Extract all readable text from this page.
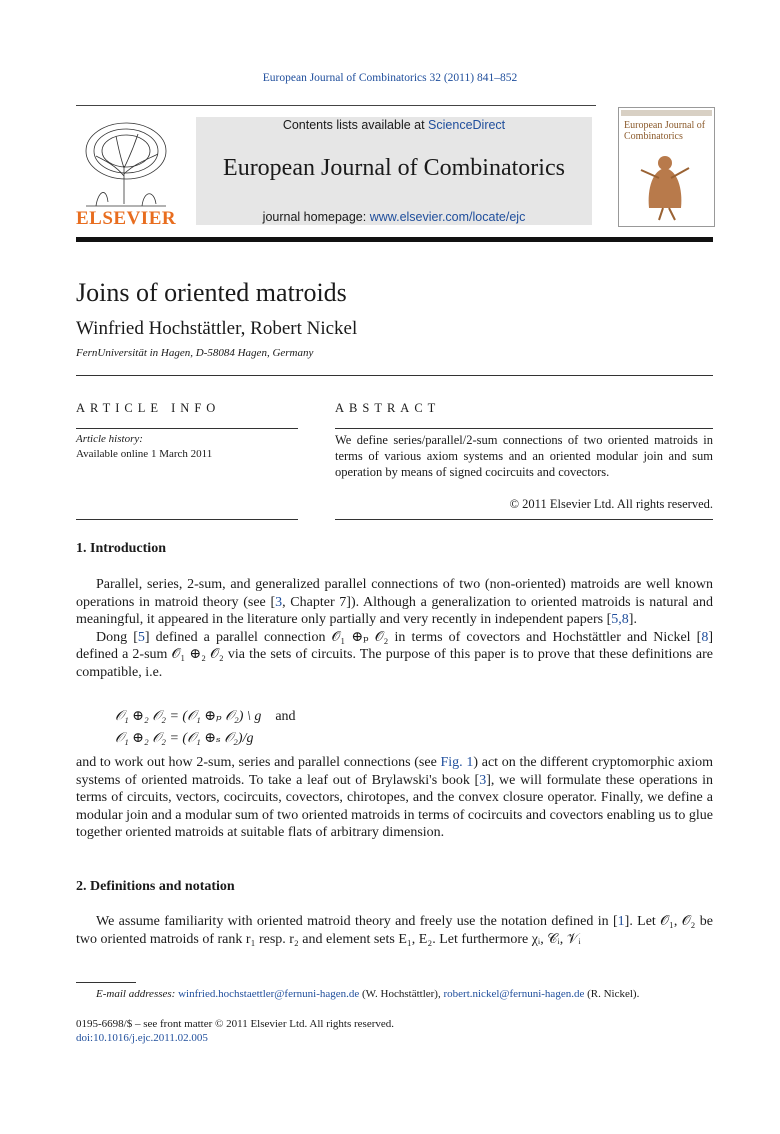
European Journal of Combinatorics 32 (2011) 841–852
ELSEVIER
Contents lists available at ScienceDirect
European Journal of Combinatorics
journal homepage: www.elsevier.com/locate/ejc
European Journal of Combinatorics
Joins of oriented matroids
Winfried Hochstättler, Robert Nickel
FernUniversität in Hagen, D-58084 Hagen, Germany
ARTICLE INFO	ABSTRACT
Article history:
Available online 1 March 2011
We define series/parallel/2-sum connections of two oriented matroids in terms of various axiom systems and an oriented modular join and sum operation by means of signed cocircuits and covectors.
© 2011 Elsevier Ltd. All rights reserved.
1. Introduction

Parallel, series, 2-sum, and generalized parallel connections of two (non-oriented) matroids are well known operations in matroid theory (see [3, Chapter 7]). Although a generalization to oriented matroids is natural and meaningful, it appeared in the literature only partially and very recently in independent papers [5,8].

Dong [5] defined a parallel connection 𝒪₁ ⊕ₚ 𝒪₂ in terms of covectors and Hochstättler and Nickel [8] defined a 2-sum 𝒪₁ ⊕₂ 𝒪₂ via the sets of circuits. The purpose of this paper is to prove that these definitions are compatible, i.e.

𝒪₁ ⊕₂ 𝒪₂ = (𝒪₁ ⊕ₚ 𝒪₂) \ g and
𝒪₁ ⊕₂ 𝒪₂ = (𝒪₁ ⊕ₛ 𝒪₂)/g

and to work out how 2-sum, series and parallel connections (see Fig. 1) act on the different cryptomorphic axiom systems of oriented matroids. To take a leaf out of Brylawski's book [3], we will formulate these operations in terms of circuits, vectors, cocircuits, covectors, chirotopes, and the convex closure operator. Finally, we define a modular join and a modular sum of two oriented matroids in terms of cocircuits and covectors enabling us to glue together oriented matroids at suitable flats of arbitrary dimension.

2. Definitions and notation

We assume familiarity with oriented matroid theory and freely use the notation defined in [1]. Let 𝒪₁, 𝒪₂ be two oriented matroids of rank r₁ resp. r₂ and element sets E₁, E₂. Let furthermore χᵢ, 𝒞ᵢ, 𝒱ᵢ

E-mail addresses: winfried.hochstaettler@fernuni-hagen.de (W. Hochstättler), robert.nickel@fernuni-hagen.de (R. Nickel).
0195-6698/$ – see front matter © 2011 Elsevier Ltd. All rights reserved.
doi:10.1016/j.ejc.2011.02.005
